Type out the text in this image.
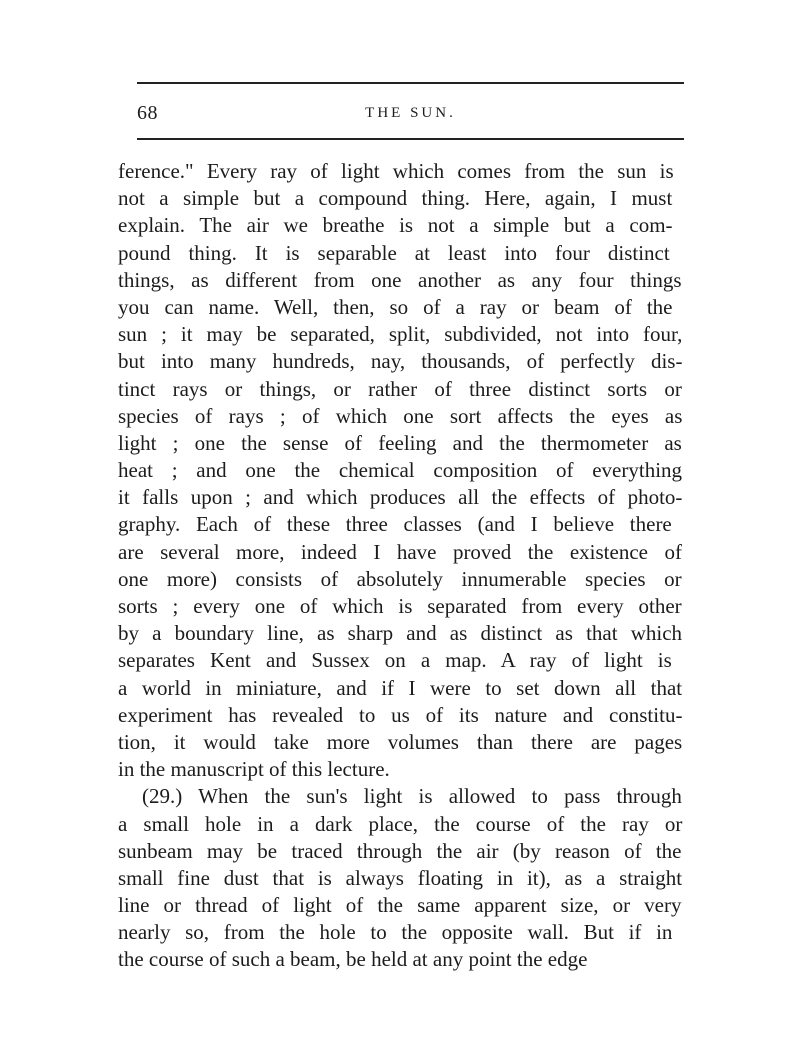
68	THE SUN.
ference." Every ray of light which comes from the sun is
not a simple but a compound thing. Here, again, I must
explain. The air we breathe is not a simple but a com-
pound thing. It is separable at least into four distinct
things, as different from one another as any four things
you can name. Well, then, so of a ray or beam of the
sun ; it may be separated, split, subdivided, not into four,
but into many hundreds, nay, thousands, of perfectly dis-
tinct rays or things, or rather of three distinct sorts or
species of rays ; of which one sort affects the eyes as
light ; one the sense of feeling and the thermometer as
heat ; and one the chemical composition of everything
it falls upon ; and which produces all the effects of photo-
graphy. Each of these three classes (and I believe there
are several more, indeed I have proved the existence of
one more) consists of absolutely innumerable species or
sorts ; every one of which is separated from every other
by a boundary line, as sharp and as distinct as that which
separates Kent and Sussex on a map. A ray of light is
a world in miniature, and if I were to set down all that
experiment has revealed to us of its nature and constitu-
tion, it would take more volumes than there are pages
in the manuscript of this lecture.
(29.) When the sun's light is allowed to pass through
a small hole in a dark place, the course of the ray or
sunbeam may be traced through the air (by reason of the
small fine dust that is always floating in it), as a straight
line or thread of light of the same apparent size, or very
nearly so, from the hole to the opposite wall. But if in
the course of such a beam, be held at any point the edge
